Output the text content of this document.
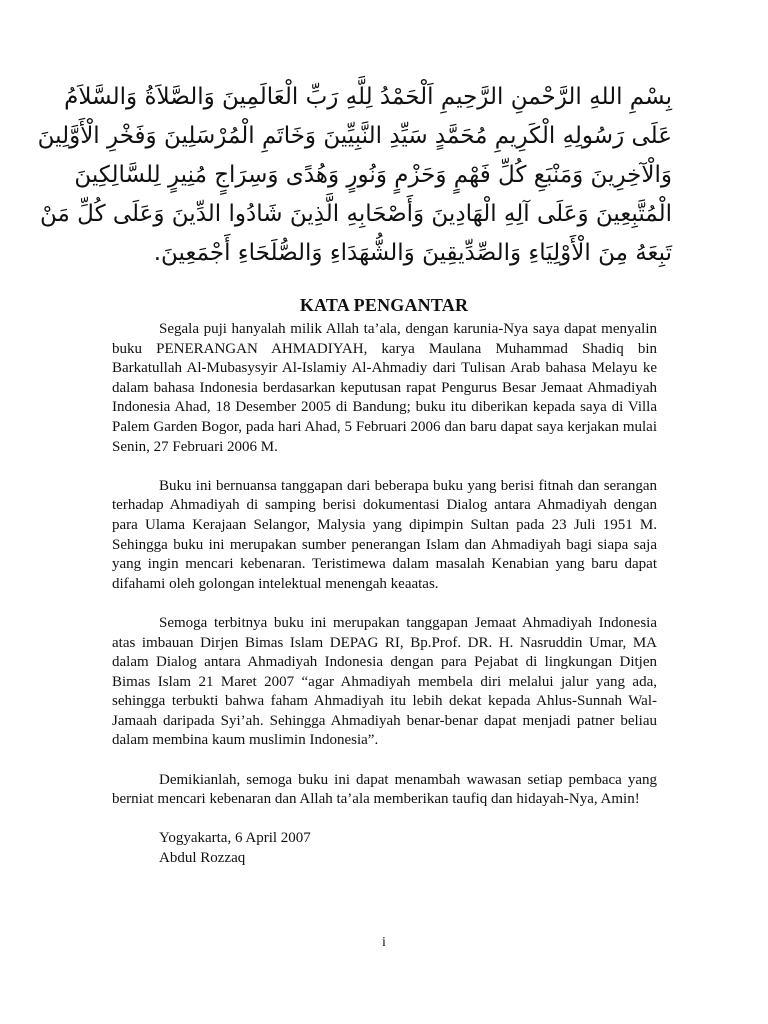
بِسْمِ اللهِ الرَّحْمنِ الرَّحِيمِ اَلْحَمْدُ لِلَّهِ رَبِّ الْعَالَمِينَ وَالصَّلاَةُ وَالسَّلاَمُ
عَلَى رَسُولِهِ الْكَرِيمِ مُحَمَّدٍ سَيِّدِ النَّبِيِّينَ وَخَاتَمِ الْمُرْسَلِينَ وَفَخْرِ الْأَوَّلِينَ
وَالْآخِرِينَ وَمَنْبَعِ كُلِّ فَهْمٍ وَحَزْمٍ وَنُورٍ وَهُدًى وَسِرَاجٍ مُنِيرٍ لِلسَّالِكِينَ
الْمُتَّبِعِينَ وَعَلَى آلِهِ الْهَادِينَ وَأَصْحَابِهِ الَّذِينَ شَادُوا الدِّينَ وَعَلَى كُلِّ مَنْ
تَبِعَهُ مِنَ الْأَوْلِيَاءِ وَالصِّدِّيقِينَ وَالشُّهَدَاءِ وَالصُّلَحَاءِ أَجْمَعِينَ.
KATA PENGANTAR

Segala puji hanyalah milik Allah ta’ala, dengan karunia-Nya saya dapat menyalin buku PENERANGAN AHMADIYAH, karya Maulana Muhammad Shadiq bin Barkatullah Al-Mubasysyir Al-Islamiy Al-Ahmadiy dari Tulisan Arab bahasa Melayu ke dalam bahasa Indonesia berdasarkan keputusan rapat Pengurus Besar Jemaat Ahmadiyah Indonesia Ahad, 18 Desember 2005 di Bandung; buku itu diberikan kepada saya di Villa Palem Garden Bogor, pada hari Ahad, 5 Februari 2006 dan baru dapat saya kerjakan mulai Senin, 27 Februari 2006 M.

Buku ini bernuansa tanggapan dari beberapa buku yang berisi fitnah dan serangan terhadap Ahmadiyah di samping berisi dokumentasi Dialog antara Ahmadiyah dengan para Ulama Kerajaan Selangor, Malysia yang dipimpin Sultan pada 23 Juli 1951 M. Sehingga buku ini merupakan sumber penerangan Islam dan Ahmadiyah bagi siapa saja yang ingin mencari kebenaran. Teristimewa dalam masalah Kenabian yang baru dapat difahami oleh golongan intelektual menengah keaatas.

Semoga terbitnya buku ini merupakan tanggapan Jemaat Ahmadiyah Indonesia atas imbauan Dirjen Bimas Islam DEPAG RI, Bp.Prof. DR. H. Nasruddin Umar, MA dalam Dialog antara Ahmadiyah Indonesia dengan para Pejabat di lingkungan Ditjen Bimas Islam 21 Maret 2007 “agar Ahmadiyah membela diri melalui jalur yang ada, sehingga terbukti bahwa faham Ahmadiyah itu lebih dekat kepada Ahlus-Sunnah Wal-Jamaah daripada Syi’ah. Sehingga Ahmadiyah benar-benar dapat menjadi patner beliau dalam membina kaum muslimin Indonesia”.

Demikianlah, semoga buku ini dapat menambah wawasan setiap pembaca yang berniat mencari kebenaran dan Allah ta’ala memberikan taufiq dan hidayah-Nya, Amin!

Yogyakarta, 6 April 2007
Abdul Rozzaq
i
